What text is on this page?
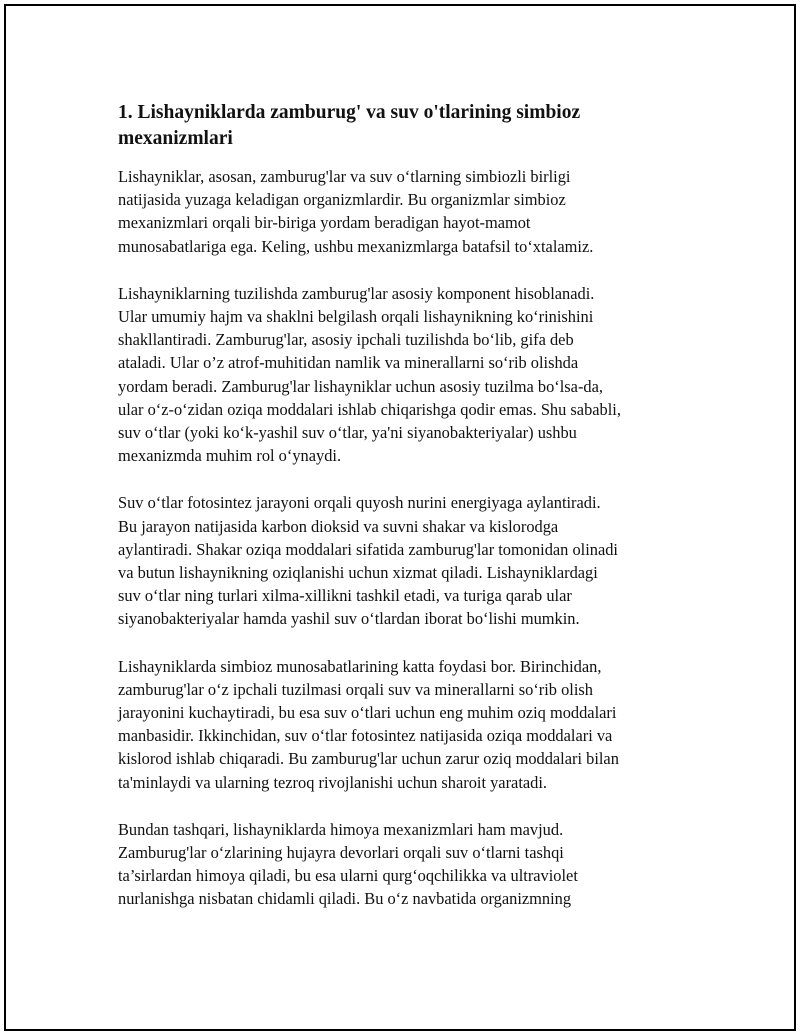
1. Lishayniklarda zamburug' va suv o'tlarining simbioz
mexanizmlari

Lishayniklar, asosan, zamburug'lar va suv o‘tlarning simbiozli birligi
natijasida yuzaga keladigan organizmlardir. Bu organizmlar simbioz
mexanizmlari orqali bir-biriga yordam beradigan hayot-mamot
munosabatlariga ega. Keling, ushbu mexanizmlarga batafsil to‘xtalamiz.

Lishayniklarning tuzilishda zamburug'lar asosiy komponent hisoblanadi.
Ular umumiy hajm va shaklni belgilash orqali lishaynikning ko‘rinishini
shakllantiradi. Zamburug'lar, asosiy ipchali tuzilishda bo‘lib, gifa deb
ataladi. Ular o’z atrof-muhitidan namlik va minerallarni so‘rib olishda
yordam beradi. Zamburug'lar lishayniklar uchun asosiy tuzilma bo‘lsa-da,
ular o‘z-o‘zidan oziqa moddalari ishlab chiqarishga qodir emas. Shu sababli,
suv o‘tlar (yoki ko‘k-yashil suv o‘tlar, ya'ni siyanobakteriyalar) ushbu
mexanizmda muhim rol o‘ynaydi.

Suv o‘tlar fotosintez jarayoni orqali quyosh nurini energiyaga aylantiradi.
Bu jarayon natijasida karbon dioksid va suvni shakar va kislorodga
aylantiradi. Shakar oziqa moddalari sifatida zamburug'lar tomonidan olinadi
va butun lishaynikning oziqlanishi uchun xizmat qiladi. Lishayniklardagi
suv o‘tlar ning turlari xilma-xillikni tashkil etadi, va turiga qarab ular
siyanobakteriyalar hamda yashil suv o‘tlardan iborat bo‘lishi mumkin.

Lishayniklarda simbioz munosabatlarining katta foydasi bor. Birinchidan,
zamburug'lar o‘z ipchali tuzilmasi orqali suv va minerallarni so‘rib olish
jarayonini kuchaytiradi, bu esa suv o‘tlari uchun eng muhim oziq moddalari
manbasidir. Ikkinchidan, suv o‘tlar fotosintez natijasida oziqa moddalari va
kislorod ishlab chiqaradi. Bu zamburug'lar uchun zarur oziq moddalari bilan
ta'minlaydi va ularning tezroq rivojlanishi uchun sharoit yaratadi.

Bundan tashqari, lishayniklarda himoya mexanizmlari ham mavjud.
Zamburug'lar o‘zlarining hujayra devorlari orqali suv o‘tlarni tashqi
ta’sirlardan himoya qiladi, bu esa ularni qurg‘oqchilikka va ultraviolet
nurlanishga nisbatan chidamli qiladi. Bu o‘z navbatida organizmning
